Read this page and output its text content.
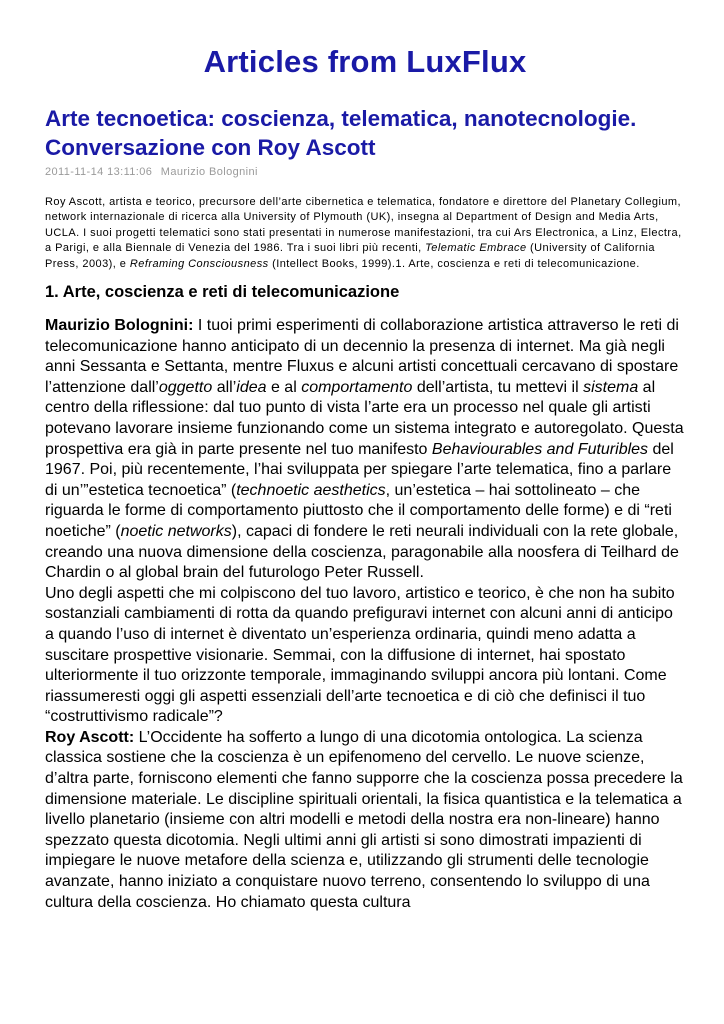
Articles from LuxFlux
Arte tecnoetica: coscienza, telematica, nanotecnologie. Conversazione con Roy Ascott
2011-11-14 13:11:06 Maurizio Bolognini

Roy Ascott, artista e teorico, precursore dell’arte cibernetica e telematica, fondatore e direttore del Planetary Collegium, network internazionale di ricerca alla University of Plymouth (UK), insegna al Department of Design and Media Arts, UCLA. I suoi progetti telematici sono stati presentati in numerose manifestazioni, tra cui Ars Electronica, a Linz, Electra, a Parigi, e alla Biennale di Venezia del 1986. Tra i suoi libri più recenti, Telematic Embrace (University of California Press, 2003), e Reframing Consciousness (Intellect Books, 1999).1. Arte, coscienza e reti di telecomunicazione.

1. Arte, coscienza e reti di telecomunicazione

Maurizio Bolognini: I tuoi primi esperimenti di collaborazione artistica attraverso le reti di telecomunicazione hanno anticipato di un decennio la presenza di internet. Ma già negli anni Sessanta e Settanta, mentre Fluxus e alcuni artisti concettuali cercavano di spostare l’attenzione dall’oggetto all’idea e al comportamento dell’artista, tu mettevi il sistema al centro della riflessione: dal tuo punto di vista l’arte era un processo nel quale gli artisti potevano lavorare insieme funzionando come un sistema integrato e autoregolato. Questa prospettiva era già in parte presente nel tuo manifesto Behaviourables and Futuribles del 1967. Poi, più recentemente, l’hai sviluppata per spiegare l’arte telematica, fino a parlare di un’”estetica tecnoetica” (technoetic aesthetics, un’estetica – hai sottolineato – che riguarda le forme di comportamento piuttosto che il comportamento delle forme) e di “reti noetiche” (noetic networks), capaci di fondere le reti neurali individuali con la rete globale, creando una nuova dimensione della coscienza, paragonabile alla noosfera di Teilhard de Chardin o al global brain del futurologo Peter Russell.

Uno degli aspetti che mi colpiscono del tuo lavoro, artistico e teorico, è che non ha subito sostanziali cambiamenti di rotta da quando prefiguravi internet con alcuni anni di anticipo a quando l’uso di internet è diventato un’esperienza ordinaria, quindi meno adatta a suscitare prospettive visionarie. Semmai, con la diffusione di internet, hai spostato ulteriormente il tuo orizzonte temporale, immaginando sviluppi ancora più lontani. Come riassumeresti oggi gli aspetti essenziali dell’arte tecnoetica e di ciò che definisci il tuo “costruttivismo radicale”?

Roy Ascott: L’Occidente ha sofferto a lungo di una dicotomia ontologica. La scienza classica sostiene che la coscienza è un epifenomeno del cervello. Le nuove scienze, d’altra parte, forniscono elementi che fanno supporre che la coscienza possa precedere la dimensione materiale. Le discipline spirituali orientali, la fisica quantistica e la telematica a livello planetario (insieme con altri modelli e metodi della nostra era non-lineare) hanno spezzato questa dicotomia. Negli ultimi anni gli artisti si sono dimostrati impazienti di impiegare le nuove metafore della scienza e, utilizzando gli strumenti delle tecnologie avanzate, hanno iniziato a conquistare nuovo terreno, consentendo lo sviluppo di una cultura della coscienza. Ho chiamato questa cultura
